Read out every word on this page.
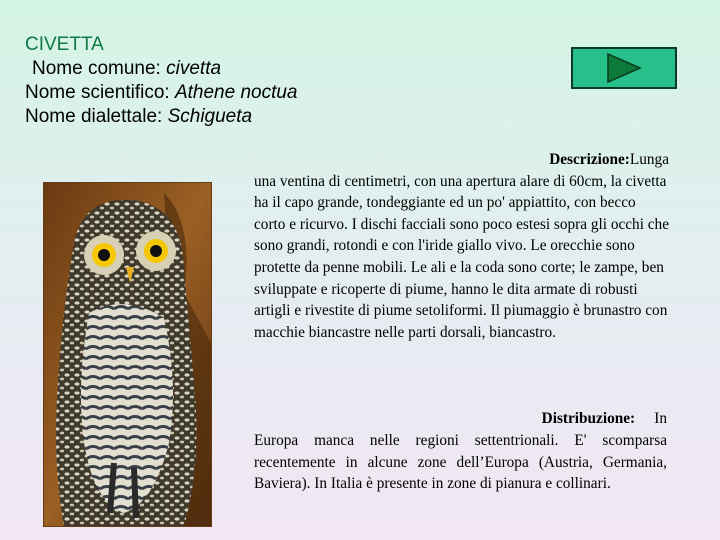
CIVETTA
Nome comune: civetta
Nome scientifico: Athene noctua
Nome dialettale: Schigueta
Descrizione:Lunga
una ventina di centimetri, con una apertura alare di 60cm, la civetta ha il capo grande, tondeggiante ed un po' appiattito, con becco corto e ricurvo. I dischi facciali sono poco estesi sopra gli occhi che sono grandi, rotondi e con l'iride giallo vivo. Le orecchie sono protette da penne mobili. Le ali e la coda sono corte; le zampe, ben sviluppate e ricoperte di piume, hanno le dita armate di robusti artigli e rivestite di piume setoliformi. Il piumaggio è brunastro con macchie biancastre nelle parti dorsali, biancastro.
Distribuzione: In
Europa manca nelle regioni settentrionali. E' scomparsa recentemente in alcune zone dell’Europa (Austria, Germania, Baviera). In Italia è presente in zone di pianura e collinari.
